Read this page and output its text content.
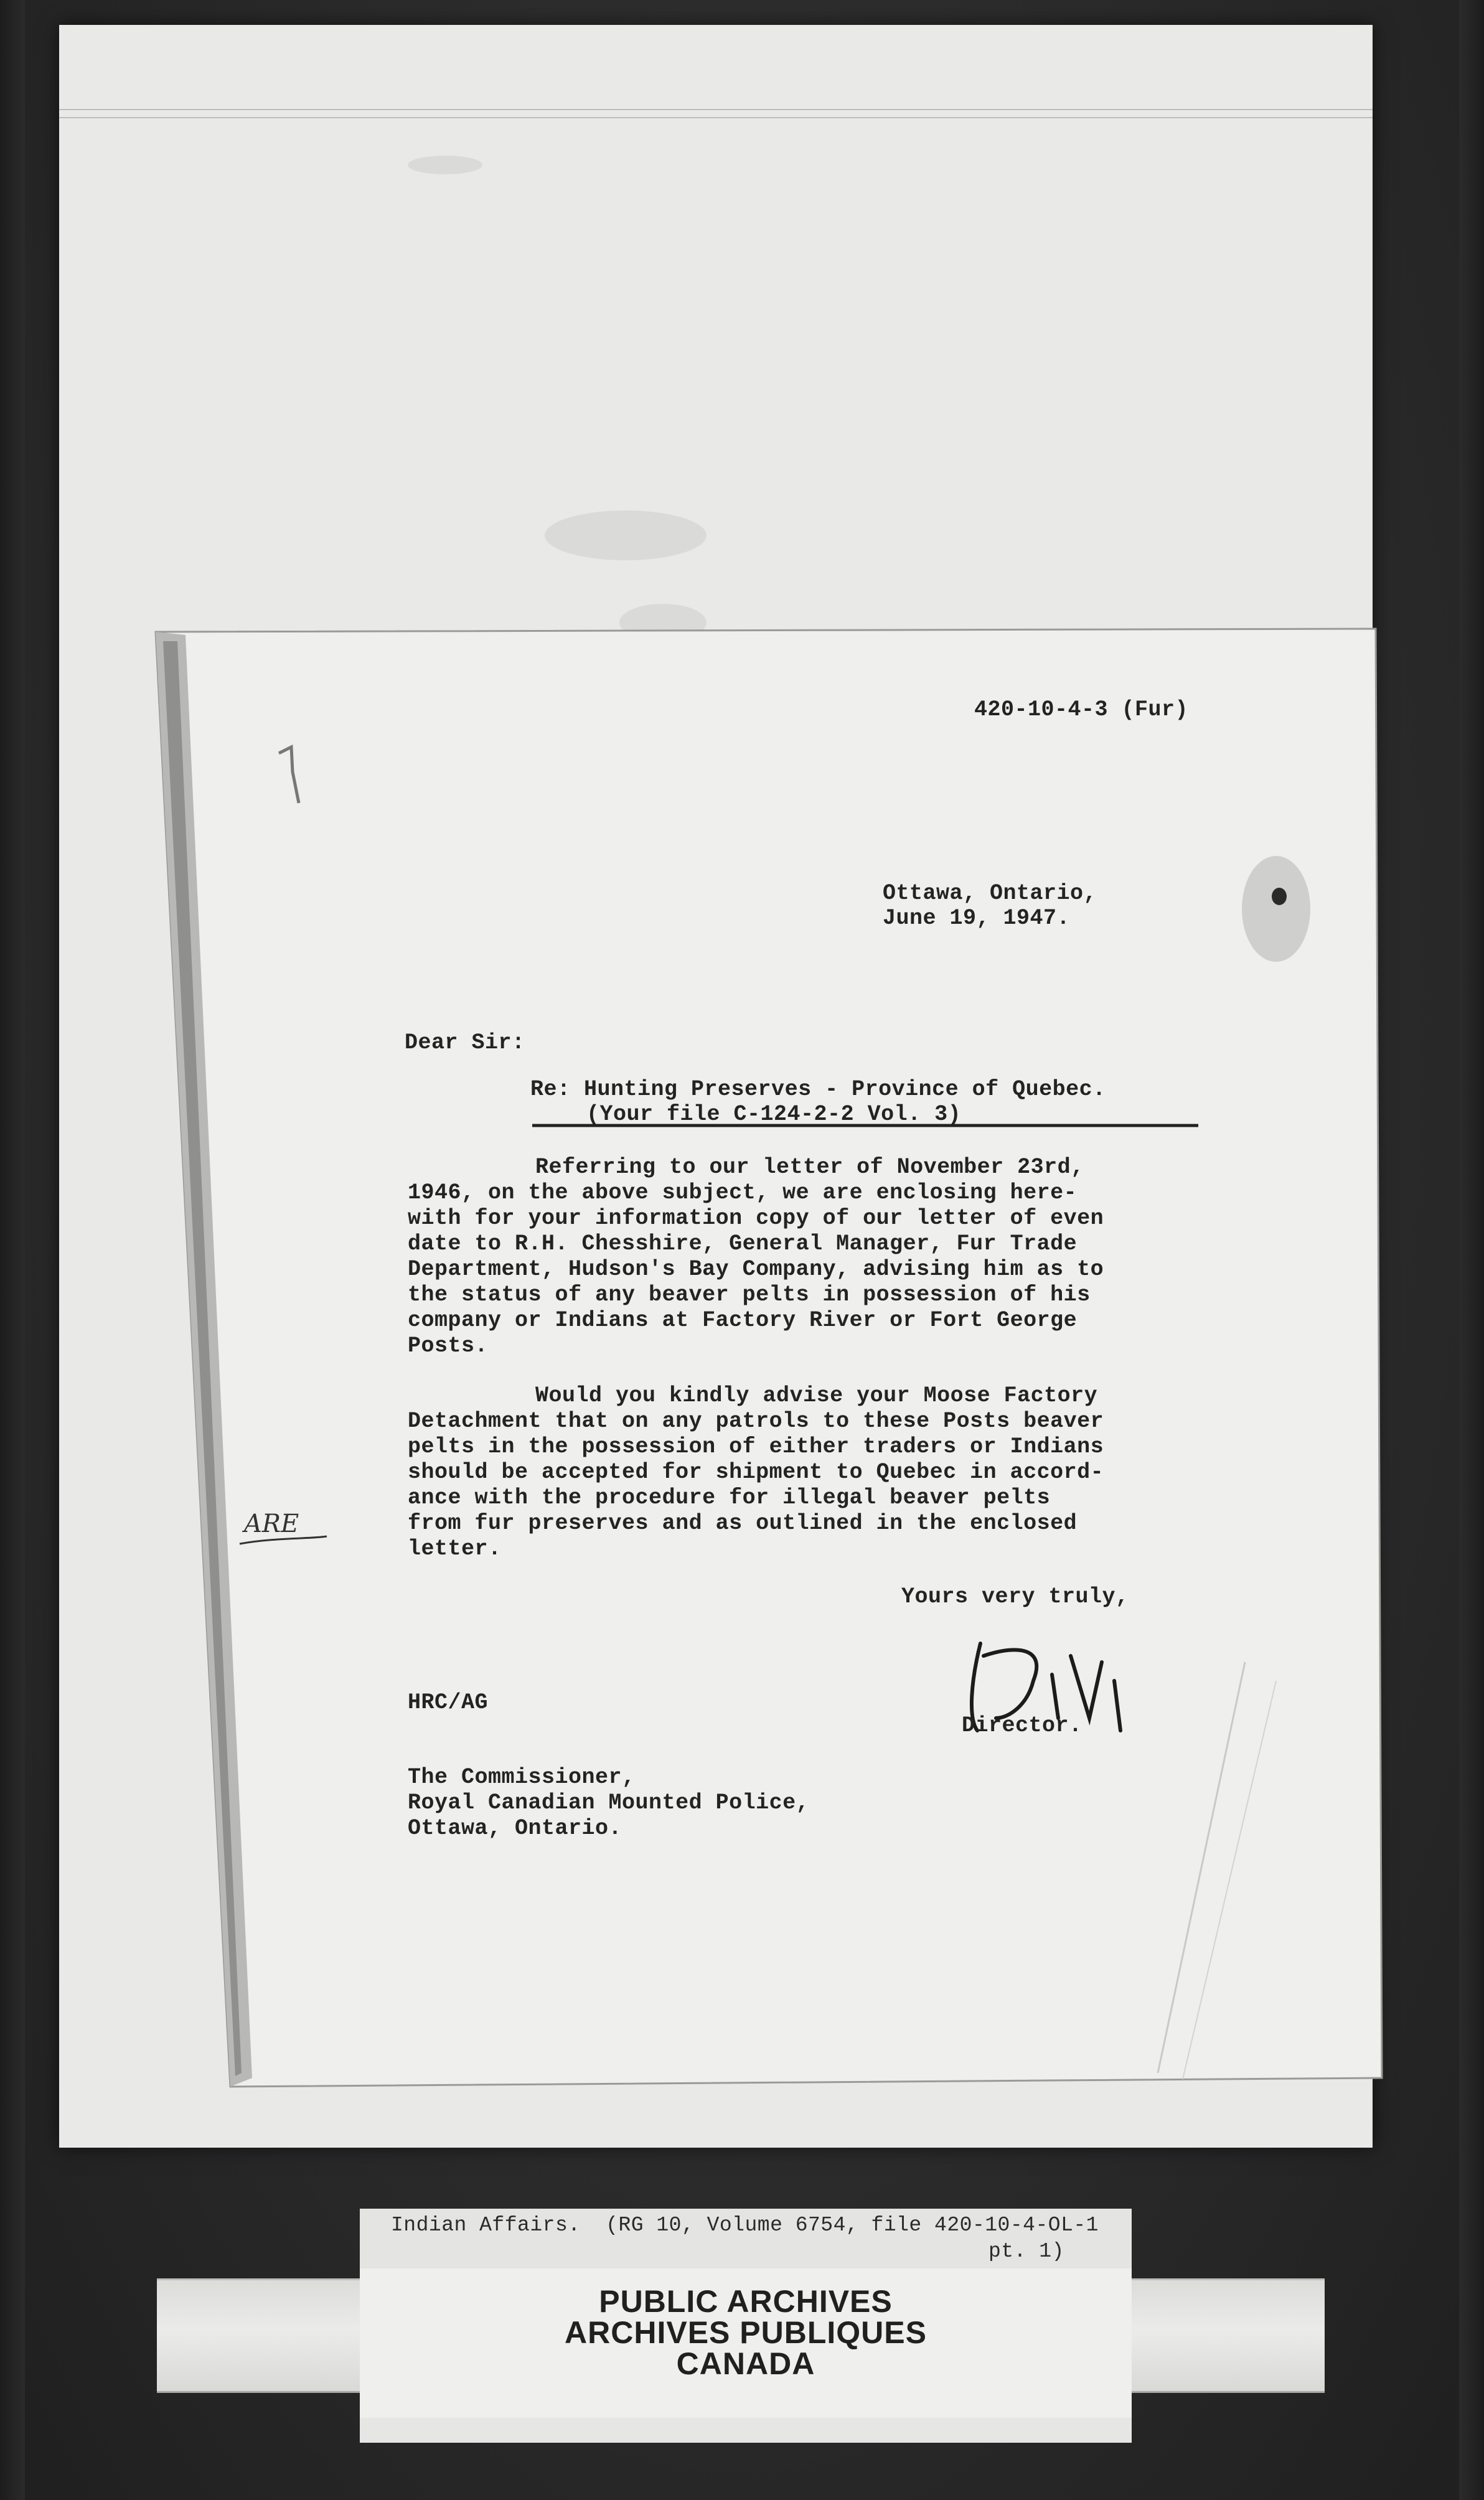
420-10-4-3 (Fur)
Ottawa, Ontario,
June 19, 1947.
Dear Sir:
Re: Hunting Preserves - Province of Quebec.
(Your file C-124-2-2 Vol. 3)
Referring to our letter of November 23rd,
1946, on the above subject, we are enclosing here-
with for your information copy of our letter of even
date to R.H. Chesshire, General Manager, Fur Trade
Department, Hudson's Bay Company, advising him as to
the status of any beaver pelts in possession of his
company or Indians at Factory River or Fort George
Posts.
Would you kindly advise your Moose Factory
Detachment that on any patrols to these Posts beaver
pelts in the possession of either traders or Indians
should be accepted for shipment to Quebec in accord-
ance with the procedure for illegal beaver pelts
from fur preserves and as outlined in the enclosed
letter.
ARE
Yours very truly,
Director.
HRC/AG
The Commissioner,
Royal Canadian Mounted Police,
Ottawa, Ontario.
Indian Affairs.  (RG 10, Volume 6754, file 420-10-4-OL-1
pt. 1)
PUBLIC ARCHIVES
ARCHIVES PUBLIQUES
CANADA
